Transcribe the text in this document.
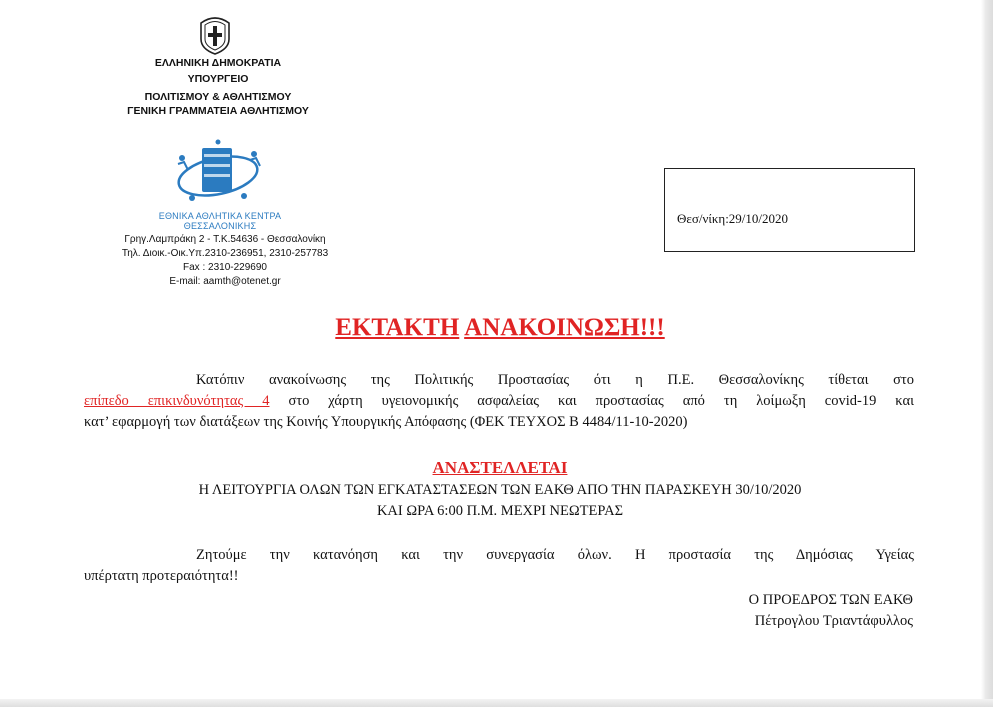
ΕΛΛΗΝΙΚΗ ΔΗΜΟΚΡΑΤΙΑ
ΥΠΟΥΡΓΕΙΟ
ΠΟΛΙΤΙΣΜΟΥ & ΑΘΛΗΤΙΣΜΟΥ
ΓΕΝΙΚΗ ΓΡΑΜΜΑΤΕΙΑ ΑΘΛΗΤΙΣΜΟΥ
ΕΘΝΙΚΑ ΑΘΛΗΤΙΚΑ ΚΕΝΤΡΑ
ΘΕΣΣΑΛΟΝΙΚΗΣ
Γρηγ.Λαμπράκη 2 - Τ.Κ.54636 - Θεσσαλονίκη
Τηλ. Διοικ.-Οικ.Υπ.2310-236951, 2310-257783
Fax : 2310-229690
E-mail: aamth@otenet.gr
Θεσ/νίκη:29/10/2020
ΕΚΤΑΚΤΗ ΑΝΑΚΟΙΝΩΣΗ!!!
Κατόπιν ανακοίνωσης της Πολιτικής Προστασίας ότι η Π.Ε. Θεσσαλονίκης τίθεται στο
επίπεδο επικινδυνότητας 4 στο χάρτη υγειονομικής ασφαλείας και προστασίας από τη λοίμωξη covid-19 και
κατ’ εφαρμογή των διατάξεων της Κοινής Υπουργικής Απόφασης (ΦΕΚ ΤΕΥΧΟΣ Β 4484/11-10-2020)
ΑΝΑΣΤΕΛΛΕΤΑΙ
Η ΛΕΙΤΟΥΡΓΙΑ ΟΛΩΝ ΤΩΝ ΕΓΚΑΤΑΣΤΑΣΕΩΝ ΤΩΝ ΕΑΚΘ ΑΠΟ ΤΗΝ ΠΑΡΑΣΚΕΥΗ 30/10/2020
ΚΑΙ ΩΡΑ 6:00 Π.Μ. ΜΕΧΡΙ ΝΕΩΤΕΡΑΣ
Ζητούμε την κατανόηση και την συνεργασία όλων. Η προστασία της Δημόσιας Υγείας
υπέρτατη προτεραιότητα!!
Ο ΠΡΟΕΔΡΟΣ ΤΩΝ ΕΑΚΘ
Πέτρογλου Τριαντάφυλλος
